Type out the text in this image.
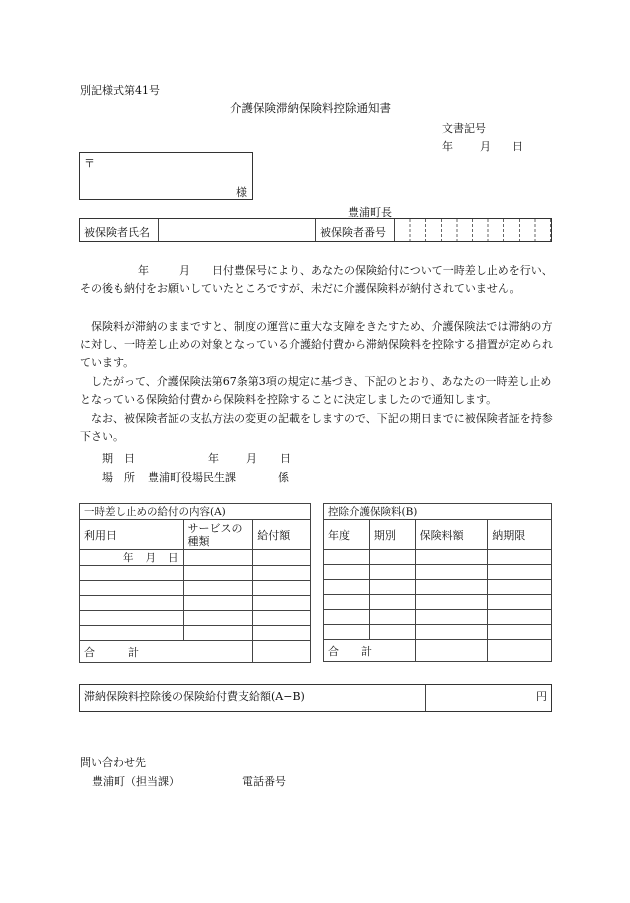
別記様式第41号
介護保険滞納保険料控除通知書
文書記号
年 月 日
〒
様
豊浦町長
被保険者氏名	被保険者番号
年	月 日付豊保号により、あなたの保険給付について一時差し止めを行い、その後も納付をお願いしていたところですが、未だに介護保険料が納付されていません。
保険料が滞納のままですと、制度の運営に重大な支障をきたすため、介護保険法では滞納の方に対し、一時差し止めの対象となっている介護給付費から滞納保険料を控除する措置が定められています。
したがって、介護保険法第67条第3項の規定に基づき、下記のとおり、あなたの一時差し止めとなっている保険給付費から保険料を控除することに決定しましたので通知します。
なお、被保険者証の支払方法の変更の記載をしますので、下記の期日までに被保険者証を持参下さい。
期　日	年 月 日
場　所 豊浦町役場民生課	係
一時差し止めの給付の内容(A)		
利用日	サービスの種類	給付額
年 月 日		

合　　　計		
控除介護保険料(B)			
年度	期別	保険料額	納期限

合　　計			
滞納保険料控除後の保険給付費支給額(A−B)	円
問い合わせ先
豊浦町（担当課）	電話番号
